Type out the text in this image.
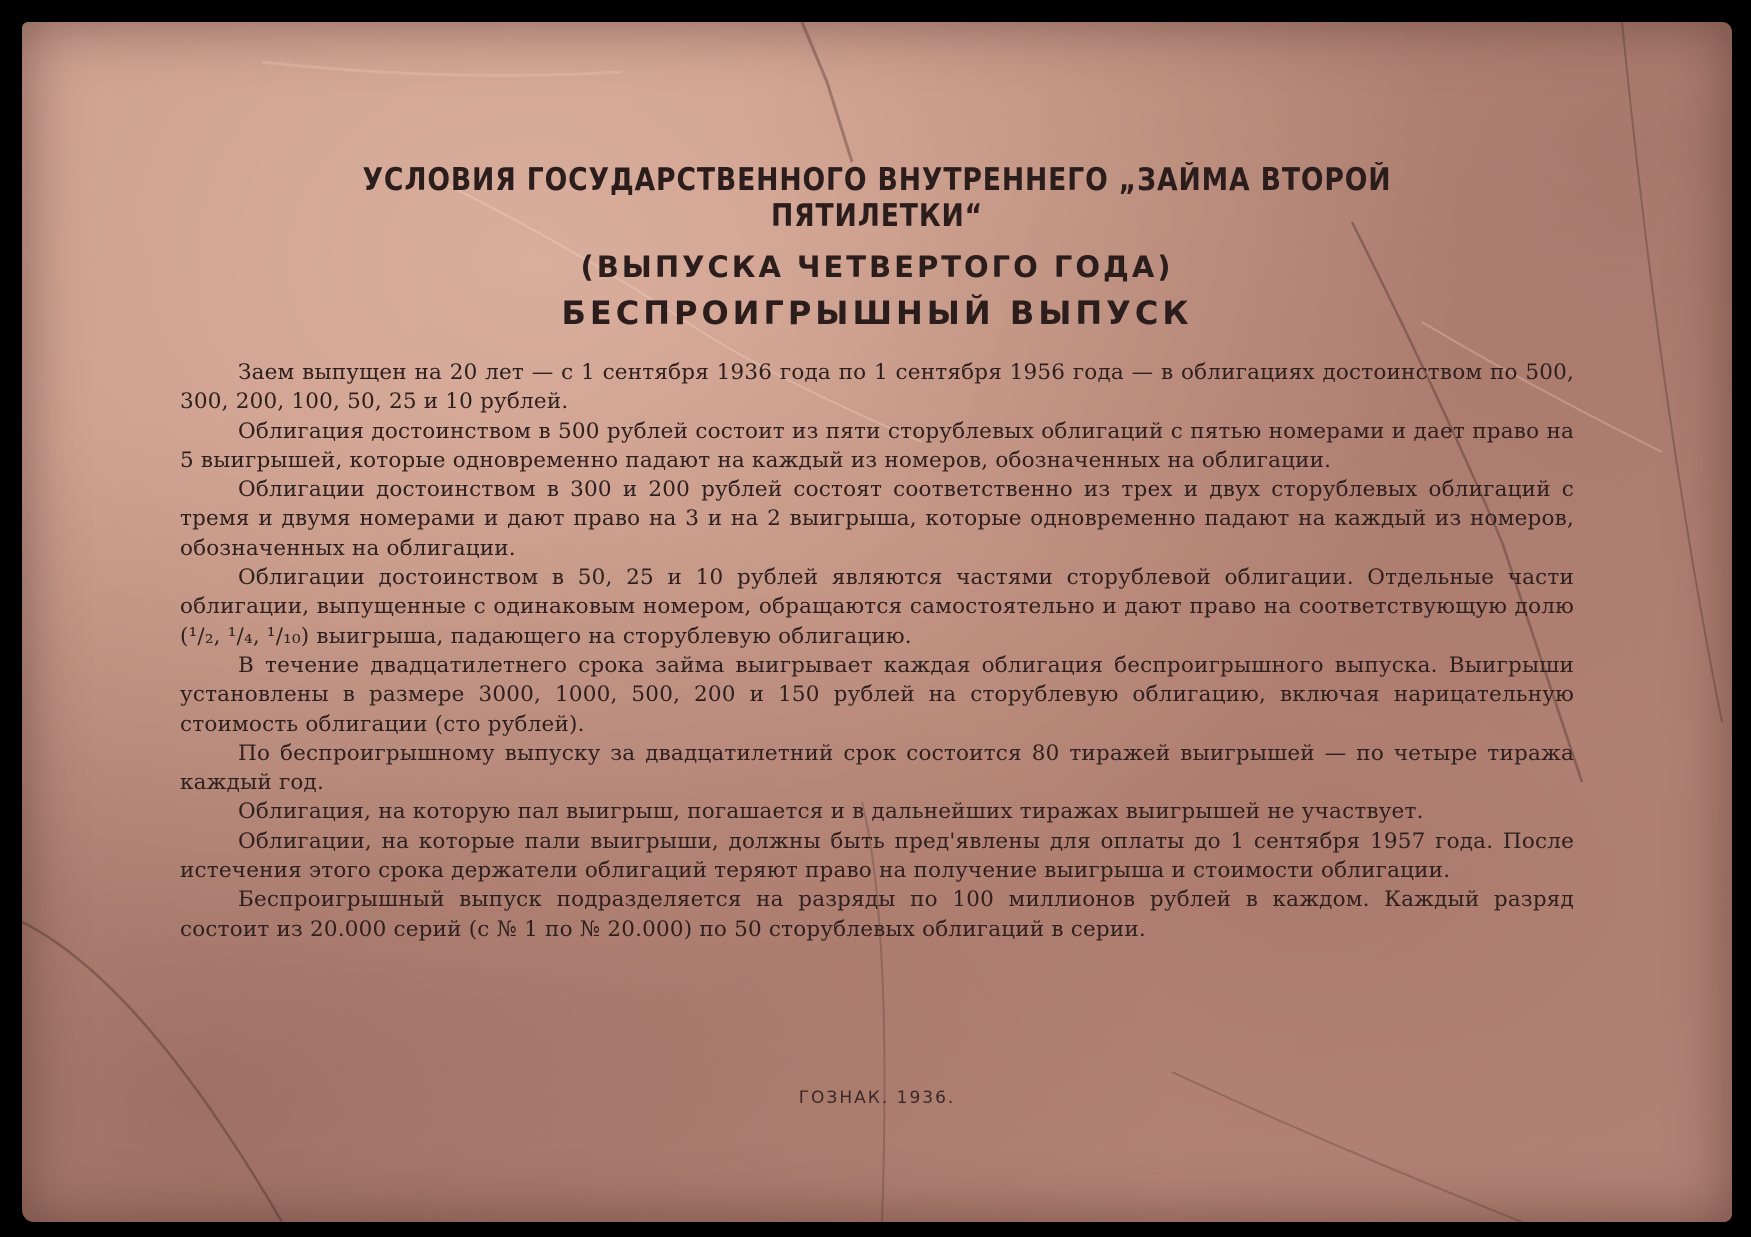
УСЛОВИЯ ГОСУДАРСТВЕННОГО ВНУТРЕННЕГО „ЗАЙМА ВТОРОЙ ПЯТИЛЕТКИ“

(ВЫПУСКА ЧЕТВЕРТОГО ГОДА)

БЕСПРОИГРЫШНЫЙ ВЫПУСК

Заем выпущен на 20 лет — с 1 сентября 1936 года по 1 сентября 1956 года — в облигациях достоинством по 500, 300, 200, 100, 50, 25 и 10 рублей.

Облигация достоинством в 500 рублей состоит из пяти сторублевых облигаций с пятью номерами и дает право на 5 выигрышей, которые одновременно падают на каждый из номеров, обозначенных на облигации.

Облигации достоинством в 300 и 200 рублей состоят соответственно из трех и двух сторублевых облигаций с тремя и двумя номерами и дают право на 3 и на 2 выигрыша, которые одновременно падают на каждый из номеров, обозначенных на облигации.

Облигации достоинством в 50, 25 и 10 рублей являются частями сторублевой облигации. Отдельные части облигации, выпущенные с одинаковым номером, обращаются самостоятельно и дают право на соответствующую долю (¹/₂, ¹/₄, ¹/₁₀) выигрыша, падающего на сторублевую облигацию.

В течение двадцатилетнего срока займа выигрывает каждая облигация беспроигрышного выпуска. Выигрыши установлены в размере 3000, 1000, 500, 200 и 150 рублей на сторублевую облигацию, включая нарицательную стоимость облигации (сто рублей).

По беспроигрышному выпуску за двадцатилетний срок состоится 80 тиражей выигрышей — по четыре тиража каждый год.

Облигация, на которую пал выигрыш, погашается и в дальнейших тиражах выигрышей не участвует.

Облигации, на которые пали выигрыши, должны быть пред'явлены для оплаты до 1 сентября 1957 года. После истечения этого срока держатели облигаций теряют право на получение выигрыша и стоимости облигации.

Беспроигрышный выпуск подразделяется на разряды по 100 миллионов рублей в каждом. Каждый разряд состоит из 20.000 серий (с № 1 по № 20.000) по 50 сторублевых облигаций в серии.

ГОЗНАК. 1936.
